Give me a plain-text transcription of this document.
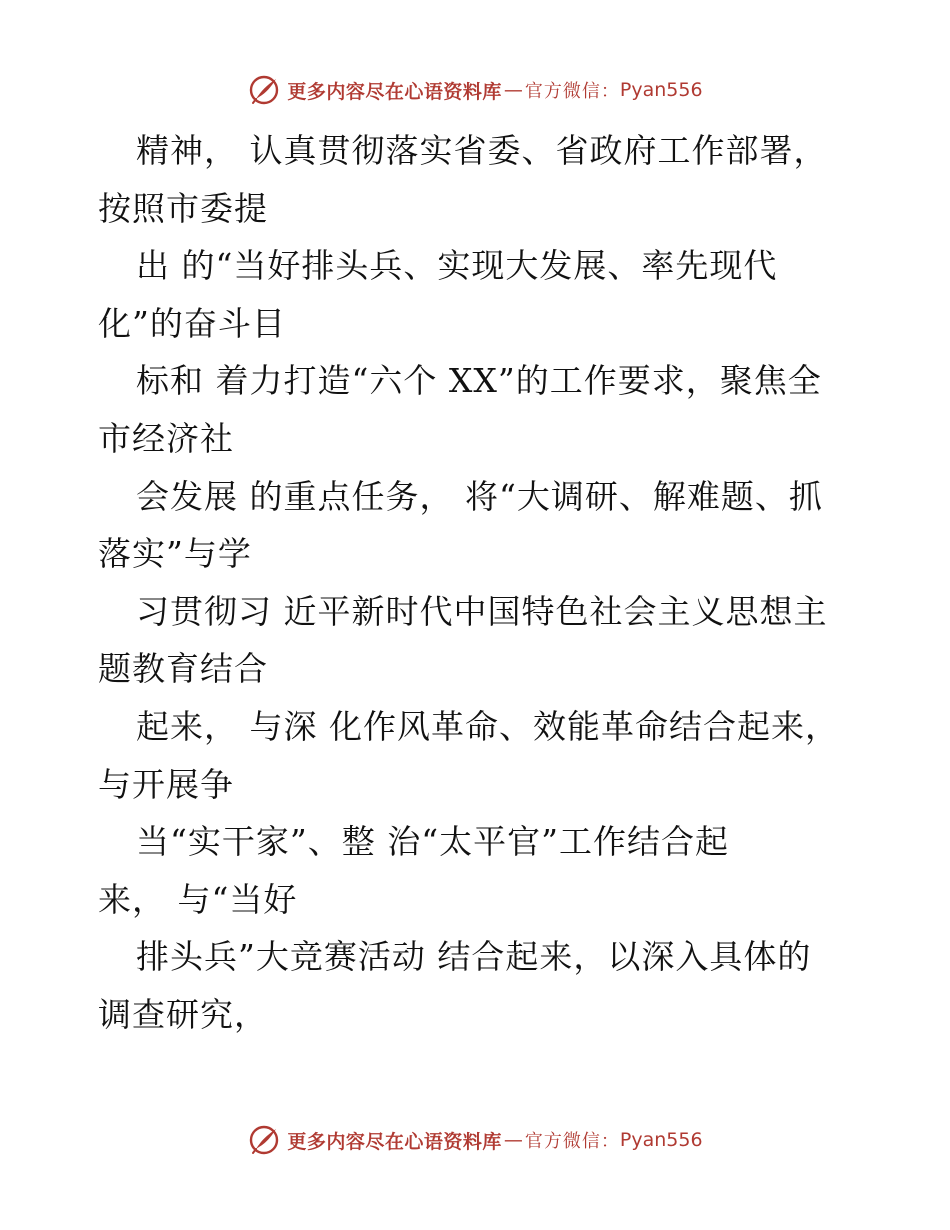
更多内容尽在心语资料库 — 官方微信： Pyan556
精神， 认真贯彻落实省委、省政府工作部署，
按照市委提
出 的“当好排头兵、实现大发展、率先现代
化”的奋斗目
标和 着力打造“六个 XX”的工作要求，聚焦全
市经济社
会发展 的重点任务， 将“大调研、解难题、抓
落实”与学
习贯彻习 近平新时代中国特色社会主义思想主
题教育结合
起来， 与深 化作风革命、效能革命结合起来，
与开展争
当“实干家”、整 治“太平官”工作结合起
来， 与“当好
排头兵”大竞赛活动 结合起来，以深入具体的
调查研究，
更多内容尽在心语资料库 — 官方微信： Pyan556
